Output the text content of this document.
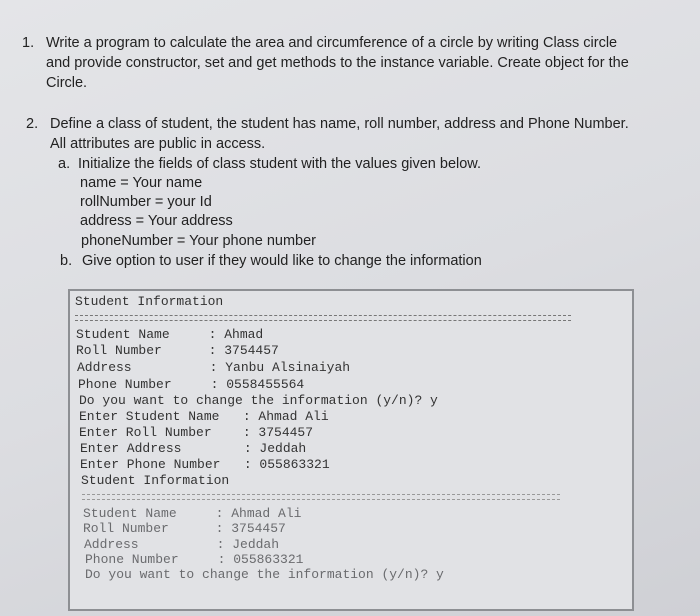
1. Write a program to calculate the area and circumference of a circle by writing Class circle
and provide constructor, set and get methods to the instance variable. Create object for the
Circle.
2. Define a class of student, the student has name, roll number, address and Phone Number.
All attributes are public in access.
a. Initialize the fields of class student with the values given below.
name = Your name
rollNumber = your Id
address = Your address
phoneNumber = Your phone number
b. Give option to user if they would like to change the information
Student Information
Student Name     : Ahmad
Roll Number      : 3754457
Address          : Yanbu Alsinaiyah
Phone Number     : 0558455564
Do you want to change the information (y/n)? y
Enter Student Name   : Ahmad Ali
Enter Roll Number    : 3754457
Enter Address        : Jeddah
Enter Phone Number   : 055863321
Student Information
Student Name     : Ahmad Ali
Roll Number      : 3754457
Address          : Jeddah
Phone Number     : 055863321
Do you want to change the information (y/n)? y
